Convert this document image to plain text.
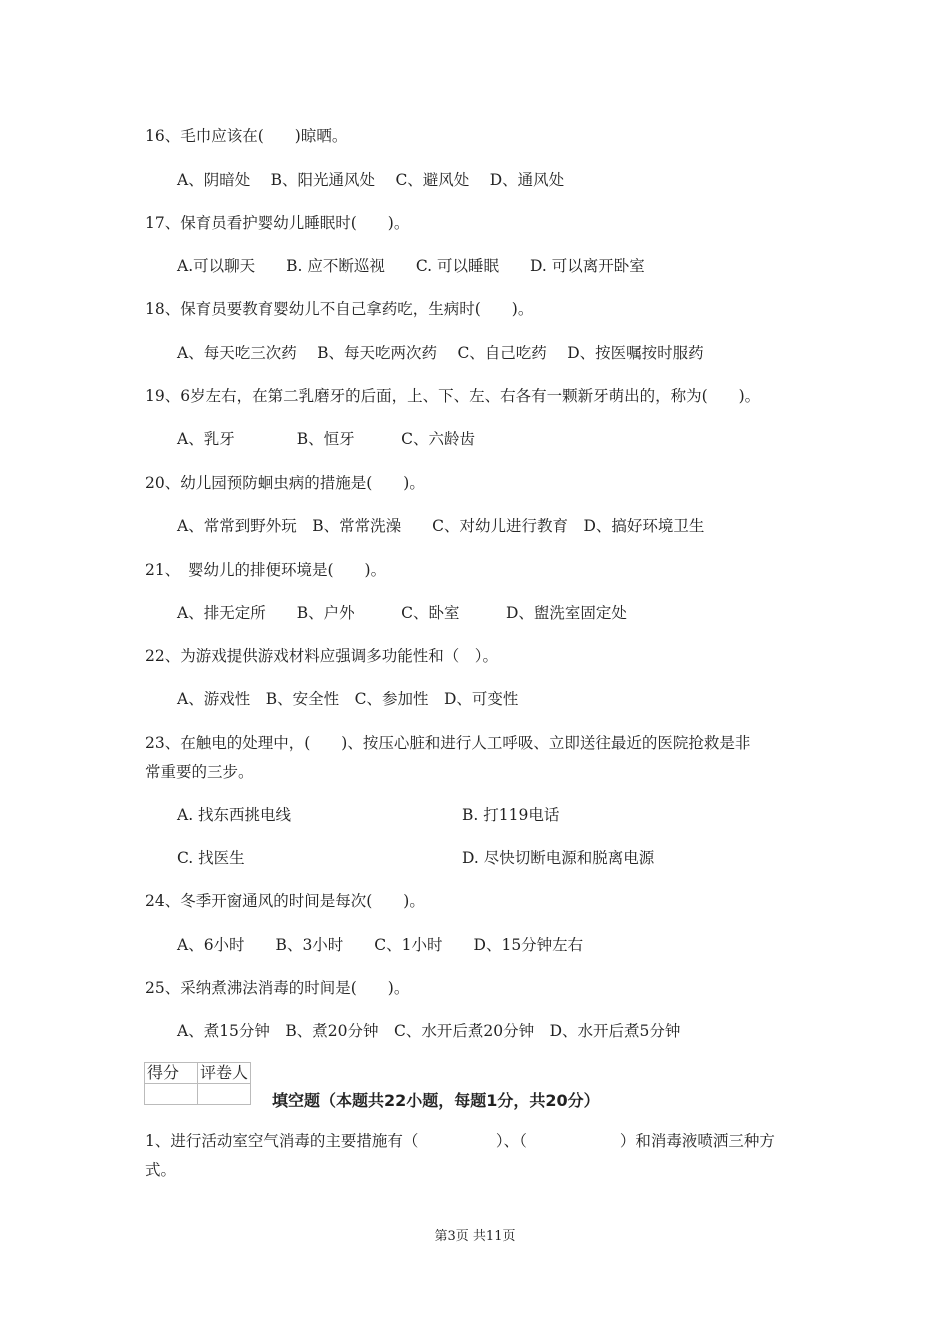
16、毛巾应该在(　　)晾晒。
A、阴暗处　 B、阳光通风处　 C、避风处　 D、通风处
17、保育员看护婴幼儿睡眠时(　　)。
A.可以聊天　　B. 应不断巡视　　C. 可以睡眠　　D. 可以离开卧室
18、保育员要教育婴幼儿不自己拿药吃，生病时(　　)。
A、每天吃三次药　 B、每天吃两次药　 C、自己吃药　 D、按医嘱按时服药
19、6岁左右，在第二乳磨牙的后面，上、下、左、右各有一颗新牙萌出的，称为(　　)。
A、乳牙　　　　B、恒牙　　　C、六龄齿
20、幼儿园预防蛔虫病的措施是(　　)。
A、常常到野外玩　B、常常洗澡　　C、对幼儿进行教育　D、搞好环境卫生
21、　婴幼儿的排便环境是(　　)。
A、排无定所　　B、户外　　　C、卧室　　　D、盥洗室固定处
22、为游戏提供游戏材料应强调多功能性和（　）。
A、游戏性　B、安全性　C、参加性　D、可变性
23、在触电的处理中，(　　)、按压心脏和进行人工呼吸、立即送往最近的医院抢救是非
常重要的三步。
A. 找东西挑电线	B. 打119电话
C. 找医生	D. 尽快切断电源和脱离电源
24、冬季开窗通风的时间是每次(　　)。
A、6小时　　B、3小时　　C、1小时　　D、15分钟左右
25、采纳煮沸法消毒的时间是(　　)。
A、煮15分钟　B、煮20分钟　C、水开后煮20分钟　D、水开后煮5分钟
得分	评卷人

填空题（本题共22小题，每题1分，共20分）
1、进行活动室空气消毒的主要措施有（　　　　　）、（　　　　　　）和消毒液喷洒三种方
式。
第3页 共11页
